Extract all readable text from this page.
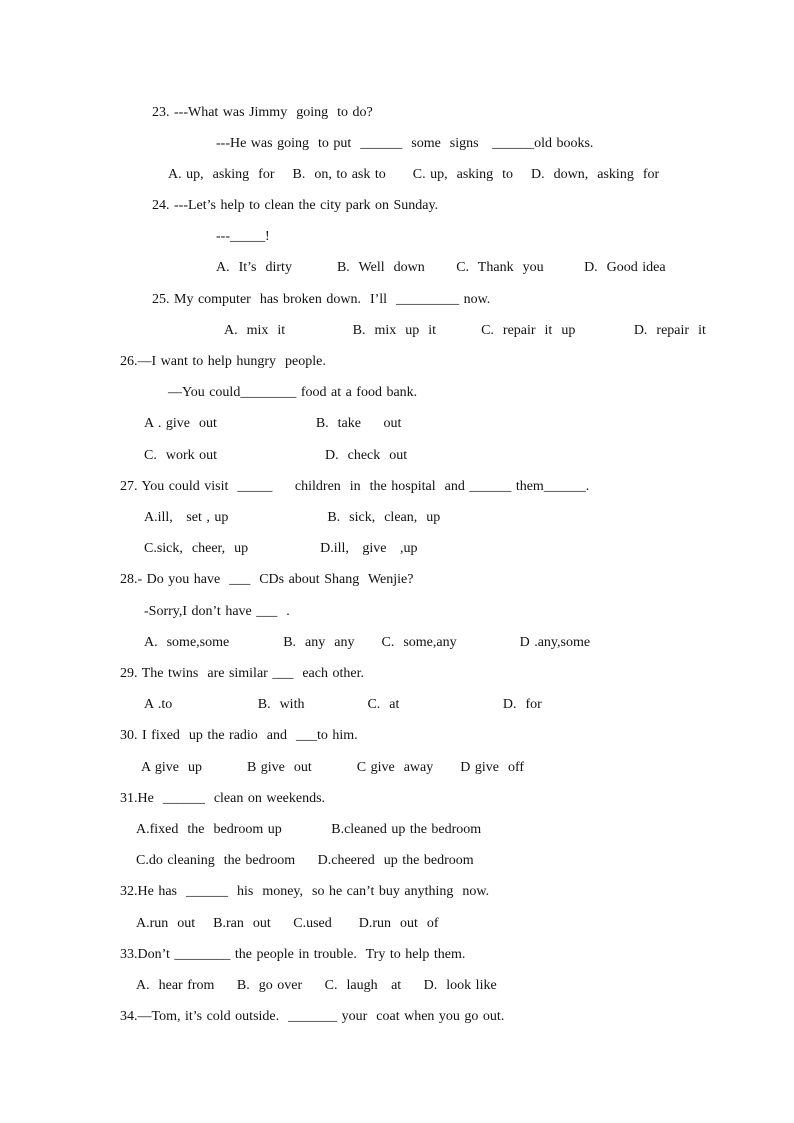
23. ---What was Jimmy  going  to do?
---He was going  to put  ______  some  signs   ______old books.
A. up,  asking  for    B.  on, to ask to      C. up,  asking  to    D.  down,  asking  for
24. ---Let’s help to clean the city park on Sunday.
---_____!
A.  It’s  dirty          B.  Well  down       C.  Thank  you         D.  Good idea
25. My computer  has broken down.  I’ll  _________ now.
A.  mix  it               B.  mix  up  it          C.  repair  it  up             D.  repair  it
26.—I want to help hungry  people.
—You could________ food at a food bank.
A . give  out                      B.  take     out
C.  work out                        D.  check  out
27. You could visit  _____     children  in  the hospital  and ______ them______.
A.ill,   set , up                      B.  sick,  clean,  up
C.sick,  cheer,  up                D.ill,   give   ,up
28.- Do you have  ___  CDs about Shang  Wenjie?
-Sorry,I don’t have ___  .
A.  some,some            B.  any  any      C.  some,any              D .any,some
29. The twins  are similar ___  each other.
A .to                   B.  with              C.  at                       D.  for
30. I fixed  up the radio  and  ___to him.
A give  up          B give  out          C give  away      D give  off
31.He  ______  clean on weekends.
A.fixed  the  bedroom up           B.cleaned up the bedroom
C.do cleaning  the bedroom     D.cheered  up the bedroom
32.He has  ______  his  money,  so he can’t buy anything  now.
A.run  out    B.ran  out     C.used      D.run  out  of
33.Don’t ________ the people in trouble.  Try to help them.
A.  hear from     B.  go over     C.  laugh   at     D.  look like
34.—Tom, it’s cold outside.  _______ your  coat when you go out.
